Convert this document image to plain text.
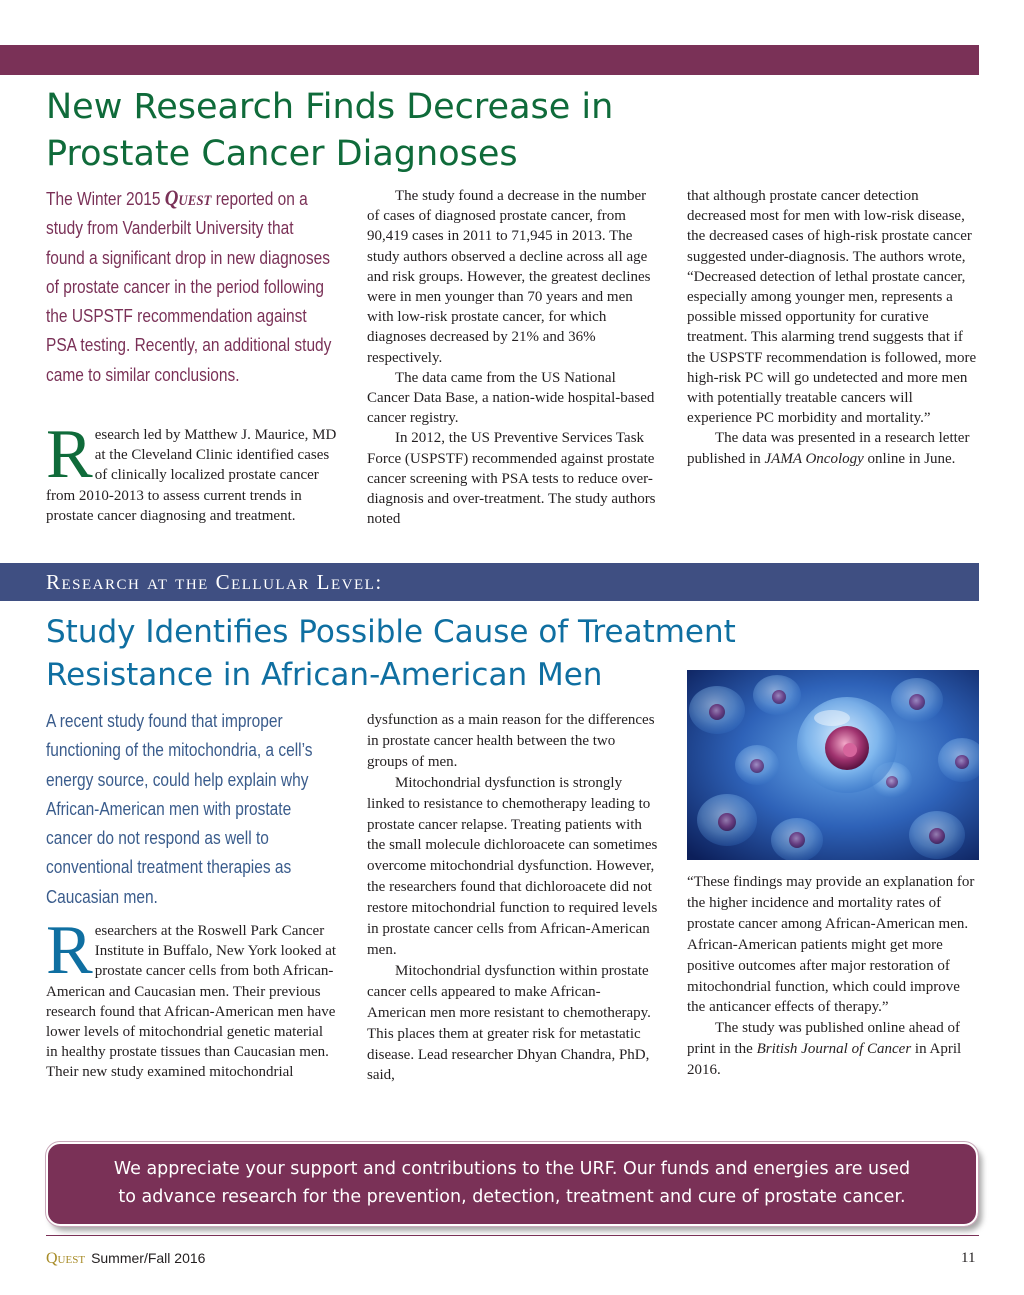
New Research Finds Decrease in
Prostate Cancer Diagnoses
The Winter 2015 Quest reported on a study from Vanderbilt University that found a significant drop in new diagnoses of prostate cancer in the period following the USPSTF recommendation against PSA testing. Recently, an additional study came to similar conclusions.
Research led by Matthew J. Maurice, MD at the Cleveland Clinic identified cases of clinically localized prostate cancer from 2010-2013 to assess current trends in prostate cancer diagnosing and treatment.

The study found a decrease in the number of cases of diagnosed prostate cancer, from 90,419 cases in 2011 to 71,945 in 2013. The study authors observed a decline across all age and risk groups. However, the greatest declines were in men younger than 70 years and men with low-risk prostate cancer, for which diagnoses decreased by 21% and 36% respectively.

The data came from the US National Cancer Data Base, a nation-wide hospital-based cancer registry.

In 2012, the US Preventive Services Task Force (USPSTF) recommended against prostate cancer screening with PSA tests to reduce over-diagnosis and over-treatment. The study authors noted

that although prostate cancer detection decreased most for men with low-risk disease, the decreased cases of high-risk prostate cancer suggested under-diagnosis. The authors wrote, “Decreased detection of lethal prostate cancer, especially among younger men, represents a possible missed opportunity for curative treatment. This alarming trend suggests that if the USPSTF recommendation is followed, more high-risk PC will go undetected and more men with potentially treatable cancers will experience PC morbidity and mortality.”

The data was presented in a research letter published in JAMA Oncology online in June.

Research at the Cellular Level:
Study Identifies Possible Cause of Treatment
Resistance in African-American Men
A recent study found that improper functioning of the mitochondria, a cell’s energy source, could help explain why African-American men with prostate cancer do not respond as well to conventional treatment therapies as Caucasian men.
Researchers at the Roswell Park Cancer Institute in Buffalo, New York looked at prostate cancer cells from both African-American and Caucasian men. Their previous research found that African-American men have lower levels of mitochondrial genetic material in healthy prostate tissues than Caucasian men. Their new study examined mitochondrial

dysfunction as a main reason for the differences in prostate cancer health between the two groups of men.

Mitochondrial dysfunction is strongly linked to resistance to chemotherapy leading to prostate cancer relapse. Treating patients with the small molecule dichloroacete can sometimes overcome mitochondrial dysfunction. However, the researchers found that dichloroacete did not restore mitochondrial function to required levels in prostate cancer cells from African-American men.

Mitochondrial dysfunction within prostate cancer cells appeared to make African-American men more resistant to chemotherapy. This places them at greater risk for metastatic disease. Lead researcher Dhyan Chandra, PhD, said,

“These findings may provide an explanation for the higher incidence and mortality rates of prostate cancer among African-American men. African-American patients might get more positive outcomes after major restoration of mitochondrial function, which could improve the anticancer effects of therapy.”

The study was published online ahead of print in the British Journal of Cancer in April 2016.

We appreciate your support and contributions to the URF. Our funds and energies are used
to advance research for the prevention, detection, treatment and cure of prostate cancer.

Quest Summer/Fall 2016	11
